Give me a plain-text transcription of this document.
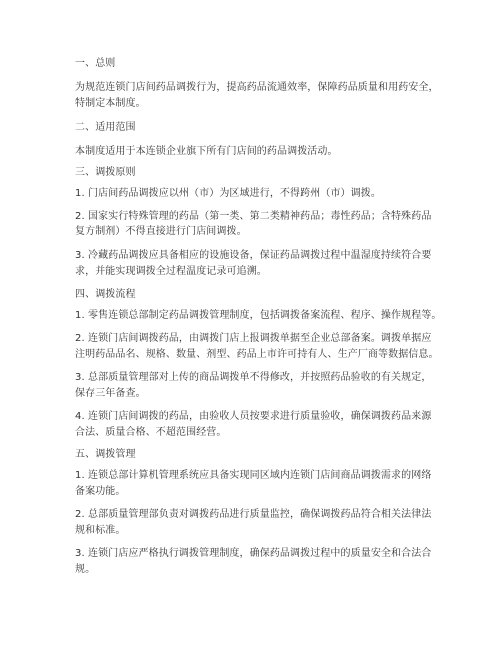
一、总则
为规范连锁门店间药品调拨行为，提高药品流通效率，保障药品质量和用药安全，
特制定本制度。
二、适用范围
本制度适用于本连锁企业旗下所有门店间的药品调拨活动。
三、调拨原则
1. 门店间药品调拨应以州（市）为区域进行，不得跨州（市）调拨。
2. 国家实行特殊管理的药品（第一类、第二类精神药品；毒性药品；含特殊药品
复方制剂）不得直接进行门店间调拨。
3. 冷藏药品调拨应具备相应的设施设备，保证药品调拨过程中温湿度持续符合要
求，并能实现调拨全过程温度记录可追溯。
四、调拨流程
1. 零售连锁总部制定药品调拨管理制度，包括调拨备案流程、程序、操作规程等。
2. 连锁门店间调拨药品，由调拨门店上报调拨单据至企业总部备案。调拨单据应
注明药品品名、规格、数量、剂型、药品上市许可持有人、生产厂商等数据信息。
3. 总部质量管理部对上传的商品调拨单不得修改，并按照药品验收的有关规定，
保存三年备查。
4. 连锁门店间调拨的药品，由验收人员按要求进行质量验收，确保调拨药品来源
合法、质量合格、不超范围经营。
五、调拨管理
1. 连锁总部计算机管理系统应具备实现同区域内连锁门店间商品调拨需求的网络
备案功能。
2. 总部质量管理部负责对调拨药品进行质量监控，确保调拨药品符合相关法律法
规和标准。
3. 连锁门店应严格执行调拨管理制度，确保药品调拨过程中的质量安全和合法合
规。
